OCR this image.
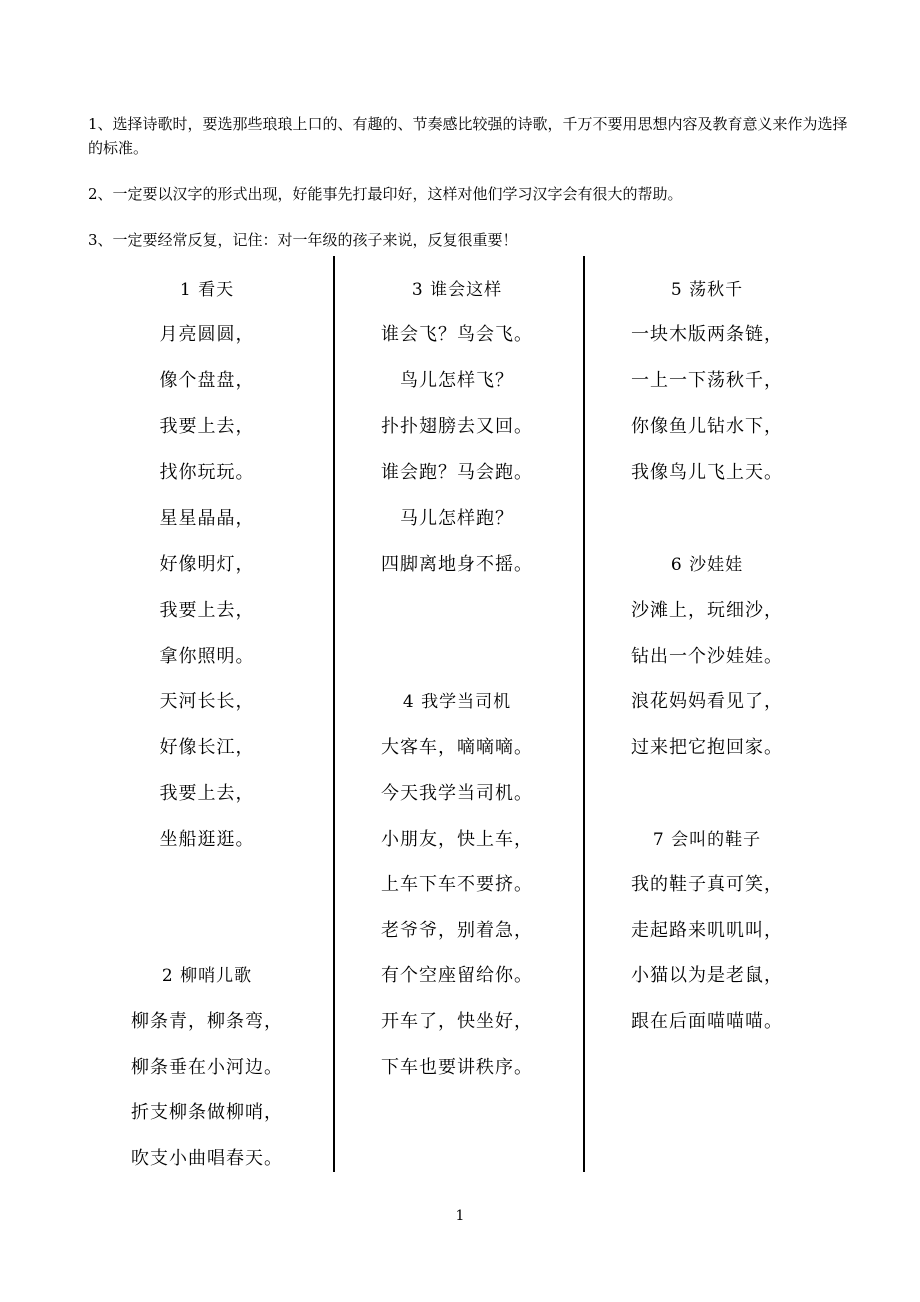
1、选择诗歌时，要选那些琅琅上口的、有趣的、节奏感比较强的诗歌，千万不要用思想内容及教育意义来作为选择的标准。

2、一定要以汉字的形式出现，好能事先打最印好，这样对他们学习汉字会有很大的帮助。

3、一定要经常反复，记住：对一年级的孩子来说，反复很重要！

1 看天
月亮圆圆，
像个盘盘，
我要上去，
找你玩玩。
星星晶晶，
好像明灯，
我要上去，
拿你照明。
天河长长，
好像长江，
我要上去，
坐船逛逛。
2 柳哨儿歌
柳条青，柳条弯，
柳条垂在小河边。
折支柳条做柳哨，
吹支小曲唱春天。
3 谁会这样
谁会飞？鸟会飞。
鸟儿怎样飞？
扑扑翅膀去又回。
谁会跑？马会跑。
马儿怎样跑？
四脚离地身不摇。
4 我学当司机
大客车，嘀嘀嘀。
今天我学当司机。
小朋友，快上车，
上车下车不要挤。
老爷爷，别着急，
有个空座留给你。
开车了，快坐好，
下车也要讲秩序。
5 荡秋千
一块木版两条链，
一上一下荡秋千，
你像鱼儿钻水下，
我像鸟儿飞上天。
6 沙娃娃
沙滩上，玩细沙，
钻出一个沙娃娃。
浪花妈妈看见了，
过来把它抱回家。
7 会叫的鞋子
我的鞋子真可笑，
走起路来叽叽叫，
小猫以为是老鼠，
跟在后面喵喵喵。
1
